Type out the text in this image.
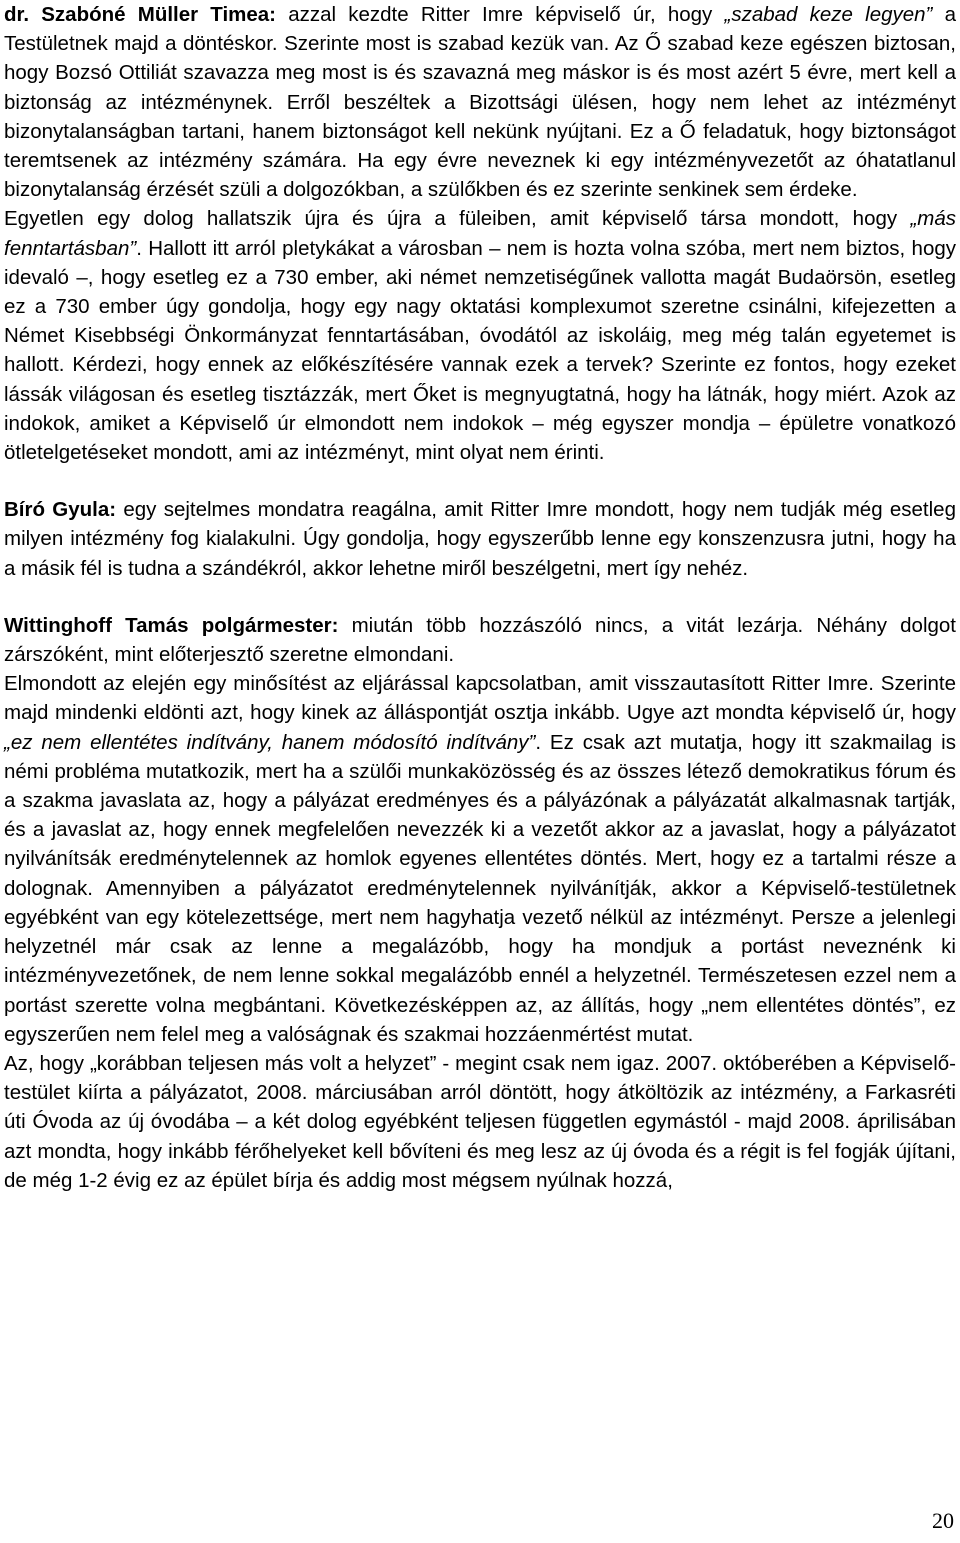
dr. Szabóné Müller Timea: azzal kezdte Ritter Imre képviselő úr, hogy „szabad keze legyen” a Testületnek majd a döntéskor. Szerinte most is szabad kezük van. Az Ő szabad keze egészen biztosan, hogy Bozsó Ottiliát szavazza meg most is és szavazná meg máskor is és most azért 5 évre, mert kell a biztonság az intézménynek. Erről beszéltek a Bizottsági ülésen, hogy nem lehet az intézményt bizonytalanságban tartani, hanem biztonságot kell nekünk nyújtani. Ez a Ő feladatuk, hogy biztonságot teremtsenek az intézmény számára. Ha egy évre neveznek ki egy intézményvezetőt az óhatatlanul bizonytalanság érzését szüli a dolgozókban, a szülőkben és ez szerinte senkinek sem érdeke.

Egyetlen egy dolog hallatszik újra és újra a füleiben, amit képviselő társa mondott, hogy „más fenntartásban”. Hallott itt arról pletykákat a városban – nem is hozta volna szóba, mert nem biztos, hogy idevaló –, hogy esetleg ez a 730 ember, aki német nemzetiségűnek vallotta magát Budaörsön, esetleg ez a 730 ember úgy gondolja, hogy egy nagy oktatási komplexumot szeretne csinálni, kifejezetten a Német Kisebbségi Önkormányzat fenntartásában, óvodától az iskoláig, meg még talán egyetemet is hallott. Kérdezi, hogy ennek az előkészítésére vannak ezek a tervek? Szerinte ez fontos, hogy ezeket lássák világosan és esetleg tisztázzák, mert Őket is megnyugtatná, hogy ha látnák, hogy miért. Azok az indokok, amiket a Képviselő úr elmondott nem indokok – még egyszer mondja – épületre vonatkozó ötletelgetéseket mondott, ami az intézményt, mint olyat nem érinti.

Bíró Gyula: egy sejtelmes mondatra reagálna, amit Ritter Imre mondott, hogy nem tudják még esetleg milyen intézmény fog kialakulni. Úgy gondolja, hogy egyszerűbb lenne egy konszenzusra jutni, hogy ha a másik fél is tudna a szándékról, akkor lehetne miről beszélgetni, mert így nehéz.

Wittinghoff Tamás polgármester: miután több hozzászóló nincs, a vitát lezárja. Néhány dolgot zárszóként, mint előterjesztő szeretne elmondani.

Elmondott az elején egy minősítést az eljárással kapcsolatban, amit visszautasított Ritter Imre. Szerinte majd mindenki eldönti azt, hogy kinek az álláspontját osztja inkább. Ugye azt mondta képviselő úr, hogy „ez nem ellentétes indítvány, hanem módosító indítvány”. Ez csak azt mutatja, hogy itt szakmailag is némi probléma mutatkozik, mert ha a szülői munkaközösség és az összes létező demokratikus fórum és a szakma javaslata az, hogy a pályázat eredményes és a pályázónak a pályázatát alkalmasnak tartják, és a javaslat az, hogy ennek megfelelően nevezzék ki a vezetőt akkor az a javaslat, hogy a pályázatot nyilvánítsák eredménytelennek az homlok egyenes ellentétes döntés. Mert, hogy ez a tartalmi része a dolognak. Amennyiben a pályázatot eredménytelennek nyilvánítják, akkor a Képviselő-testületnek egyébként van egy kötelezettsége, mert nem hagyhatja vezető nélkül az intézményt. Persze a jelenlegi helyzetnél már csak az lenne a megalázóbb, hogy ha mondjuk a portást neveznénk ki intézményvezetőnek, de nem lenne sokkal megalázóbb ennél a helyzetnél. Természetesen ezzel nem a portást szerette volna megbántani. Következésképpen az, az állítás, hogy „nem ellentétes döntés”, ez egyszerűen nem felel meg a valóságnak és szakmai hozzáenmértést mutat.

Az, hogy „korábban teljesen más volt a helyzet” - megint csak nem igaz. 2007. októberében a Képviselő-testület kiírta a pályázatot, 2008. márciusában arról döntött, hogy átköltözik az intézmény, a Farkasréti úti Óvoda az új óvodába – a két dolog egyébként teljesen független egymástól - majd 2008. áprilisában azt mondta, hogy inkább férőhelyeket kell bővíteni és meg lesz az új óvoda és a régit is fel fogják újítani, de még 1-2 évig ez az épület bírja és addig most mégsem nyúlnak hozzá,

20
